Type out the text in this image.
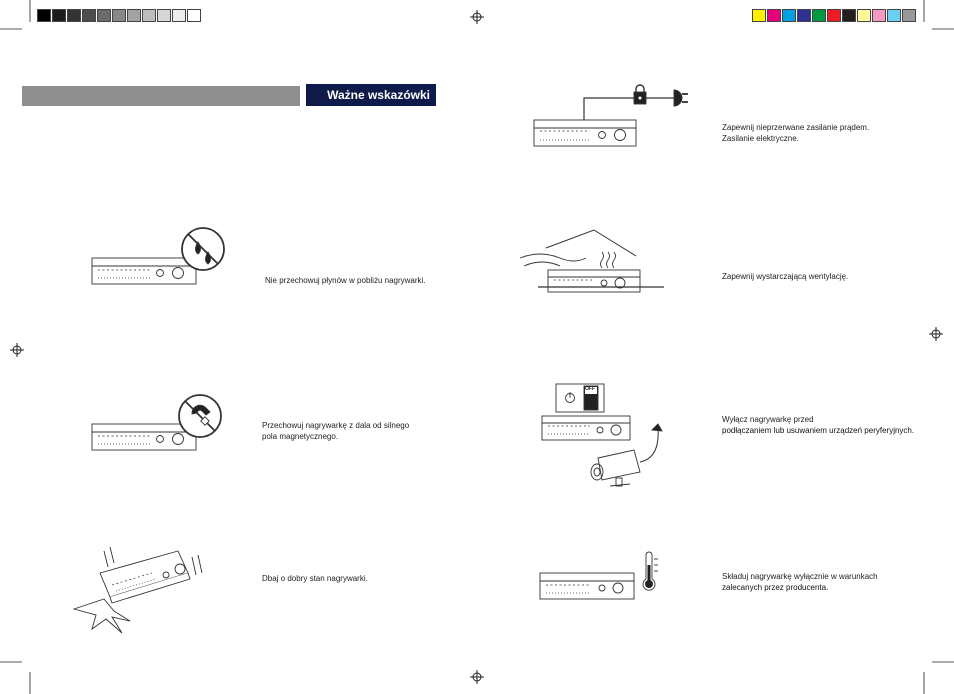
Ważne wskazówki
Nie przechowuj płynów w pobliżu nagrywarki.
Przechowuj nagrywarkę z dala od silnego
pola magnetycznego.
Dbaj o dobry stan nagrywarki.
Zapewnij nieprzerwane zasilanie prądem.
Zasilanie elektryczne.
Zapewnij wystarczającą wentylację.
OFF
Wyłącz nagrywarkę przed
podłączaniem lub usuwaniem urządzeń peryferyjnych.
Składuj nagrywarkę wyłącznie w warunkach
zalecanych przez producenta.
